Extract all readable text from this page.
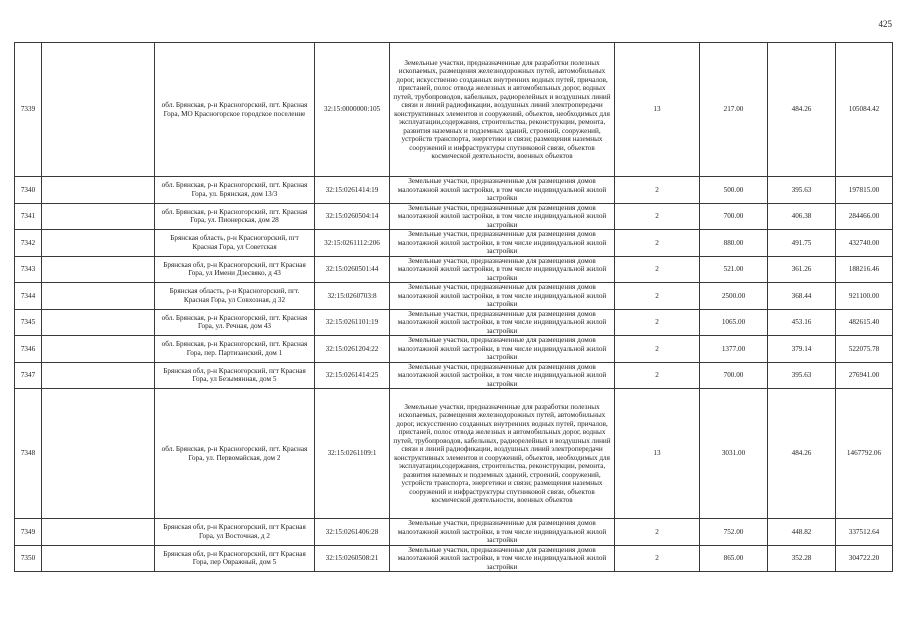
425
7339		обл. Брянская, р-н Красногорский, пгт. Красная Гора, МО Красногорское городское поселение	32:15:0000000:105	Земельные участки, предназначенные для разработки полезных ископаемых, размещения железнодорожных путей, автомобильных дорог, искусственно созданных внутренних водных путей, причалов, пристаней, полос отвода железных и автомобильных дорог, водных путей, трубопроводов, кабельных, радиорелейных и воздушных линий связи и линий радиофикации, воздушных линий электропередачи конструктивных элементов и сооружений, объектов, необходимых для эксплуатации,содержания, строительства, реконструкции, ремонта, развития наземных и подземных зданий, строений, сооружений, устройств транспорта, энергетики и связи; размещения наземных сооружений и инфраструктуры спутниковой связи, объектов космической деятельности, военных объектов	13	217.00	484.26	105084.42
7340		обл. Брянская, р-н Красногорский, пгт. Красная Гора, ул. Брянская, дом 13/3	32:15:0261414:19	Земельные участки, предназначенные для размещения домов малоэтажной жилой застройки, в том числе индивидуальной жилой застройки	2	500.00	395.63	197815.00
7341		обл. Брянская, р-н Красногорский, пгт. Красная Гора, ул. Пионерская, дом 28	32:15:0260504:14	Земельные участки, предназначенные для размещения домов малоэтажной жилой застройки, в том числе индивидуальной жилой застройки	2	700.00	406.38	284466.00
7342		Брянская область, р-н Красногорский, пгт Красная Гора, ул Советская	32:15:0261112:206	Земельные участки, предназначенные для размещения домов малоэтажной жилой застройки, в том числе индивидуальной жилой застройки	2	880.00	491.75	432740.00
7343		Брянская обл, р-н Красногорский, пгт Красная Гора, ул Имени Дзесвяко, д 43	32:15:0260501:44	Земельные участки, предназначенные для размещения домов малоэтажной жилой застройки, в том числе индивидуальной жилой застройки	2	521.00	361.26	188216.46
7344		Брянская область, р-н Красногорский, пгт. Красная Гора, ул Совхозная, д 32	32:15:0260703:8	Земельные участки, предназначенные для размещения домов малоэтажной жилой застройки, в том числе индивидуальной жилой застройки	2	2500.00	368.44	921100.00
7345		обл. Брянская, р-н Красногорский, пгт. Красная Гора, ул. Речная, дом 43	32:15:0261101:19	Земельные участки, предназначенные для размещения домов малоэтажной жилой застройки, в том числе индивидуальной жилой застройки	2	1065.00	453.16	482615.40
7346		обл. Брянская, р-н Красногорский, пгт. Красная Гора, пер. Партизанский, дом 1	32:15:0261204:22	Земельные участки, предназначенные для размещения домов малоэтажной жилой застройки, в том числе индивидуальной жилой застройки	2	1377.00	379.14	522075.78
7347		Брянская обл, р-н Красногорский, пгт Красная Гора, ул Безымянная, дом 5	32:15:0261414:25	Земельные участки, предназначенные для размещения домов малоэтажной жилой застройки, в том числе индивидуальной жилой застройки	2	700.00	395.63	276941.00
7348		обл. Брянская, р-н Красногорский, пгт. Красная Гора, ул. Первомайская, дом 2	32:15:0261109:1	Земельные участки, предназначенные для разработки полезных ископаемых, размещения железнодорожных путей, автомобильных дорог, искусственно созданных внутренних водных путей, причалов, пристаней, полос отвода железных и автомобильных дорог, водных путей, трубопроводов, кабельных, радиорелейных и воздушных линий связи и линий радиофикации, воздушных линий электропередачи конструктивных элементов и сооружений, объектов, необходимых для эксплуатации,содержания, строительства, реконструкции, ремонта, развития наземных и подземных зданий, строений, сооружений, устройств транспорта, энергетики и связи; размещения наземных сооружений и инфраструктуры спутниковой связи, объектов космической деятельности, военных объектов	13	3031.00	484.26	1467792.06
7349		Брянская обл, р-н Красногорский, пгт Красная Гора, ул Восточная, д 2	32:15:0261406:28	Земельные участки, предназначенные для размещения домов малоэтажной жилой застройки, в том числе индивидуальной жилой застройки	2	752.00	448.82	337512.64
7350		Брянская обл, р-н Красногорский, пгт Красная Гора, пер Овражный, дом 5	32:15:0260508:21	Земельные участки, предназначенные для размещения домов малоэтажной жилой застройки, в том числе индивидуальной жилой застройки	2	865.00	352.28	304722.20
